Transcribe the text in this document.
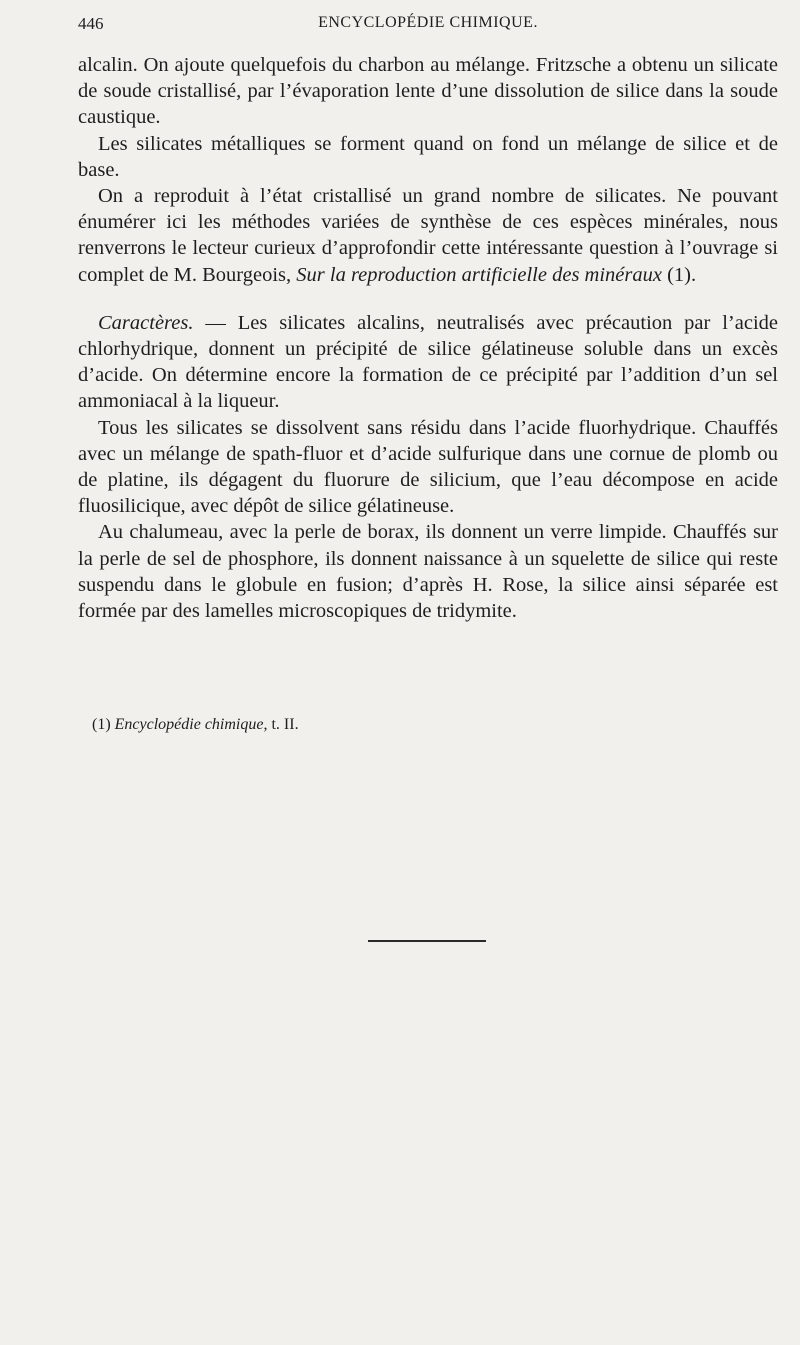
446	ENCYCLOPÉDIE CHIMIQUE.

alcalin. On ajoute quelquefois du charbon au mélange. Fritzsche a obtenu un silicate de soude cristallisé, par l’évaporation lente d’une dissolution de silice dans la soude caustique.

Les silicates métalliques se forment quand on fond un mélange de silice et de base.

On a reproduit à l’état cristallisé un grand nombre de silicates. Ne pouvant énumérer ici les méthodes variées de synthèse de ces espèces minérales, nous renverrons le lecteur curieux d’approfondir cette intéressante question à l’ouvrage si complet de M. Bourgeois, Sur la reproduction artificielle des minéraux (1).

Caractères. — Les silicates alcalins, neutralisés avec précaution par l’acide chlorhydrique, donnent un précipité de silice gélatineuse soluble dans un excès d’acide. On détermine encore la formation de ce précipité par l’addition d’un sel ammoniacal à la liqueur.

Tous les silicates se dissolvent sans résidu dans l’acide fluorhydrique. Chauffés avec un mélange de spath-fluor et d’acide sulfurique dans une cornue de plomb ou de platine, ils dégagent du fluorure de silicium, que l’eau décompose en acide fluosilicique, avec dépôt de silice gélatineuse.

Au chalumeau, avec la perle de borax, ils donnent un verre limpide. Chauffés sur la perle de sel de phosphore, ils donnent naissance à un squelette de silice qui reste suspendu dans le globule en fusion; d’après H. Rose, la silice ainsi séparée est formée par des lamelles microscopiques de tridymite.

(1) Encyclopédie chimique, t. II.
